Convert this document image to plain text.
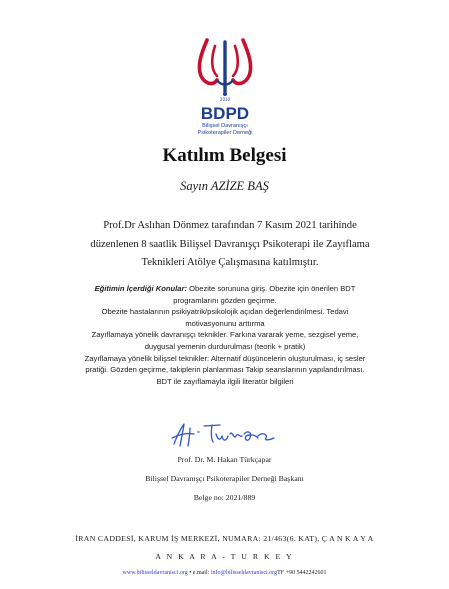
2010
BDPD
Bilişsel Davranışçı
Psikoterapiler Derneği
Katılım Belgesi
Sayın AZİZE BAŞ
Prof.Dr Aslıhan Dönmez tarafından 7 Kasım 2021 tarihinde
düzenlenen 8 saatlik Bilişsel Davranışçı Psikoterapi ile Zayıflama
Teknikleri Atölye Çalışmasına katılmıştır.

Eğitimin İçerdiği Konular: Obezite sorununa giriş. Obezite için önerilen BDT

programlarını gözden geçirme.

Obezite hastalarının psikiyatrik/psikolojik açıdan değerlendirilmesi. Tedavi

motivasyonunu arttırma

Zayıflamaya yönelik davranışçı teknikler. Farkına vararak yeme, sezgisel yeme,

duygusal yemenin durdurulması (teorik + pratik)

Zayıflamaya yönelik bilişsel teknikler: Alternatif düşüncelerin oluşturulması, iç sesler

pratiği. Gözden geçirme, takiplerin planlanması Takip seanslarının yapılandırılması.

BDT ile zayıflamayla ilgili literatür bilgileri

Prof. Dr. M. Hakan Türkçapar
Bilişsel Davranışçı Psikoterapiler Derneği Başkanı
Belge no: 2021/889
İRAN CADDESİ, KARUM İŞ MERKEZİ, NUMARA: 21/463(6. KAT), Ç A N K A Y A
A N K A R A - T U R K E Y
www.bilisseldavranisci.org • e.mail: info@bilisseldavranisci.orgTF +90 5442242601
